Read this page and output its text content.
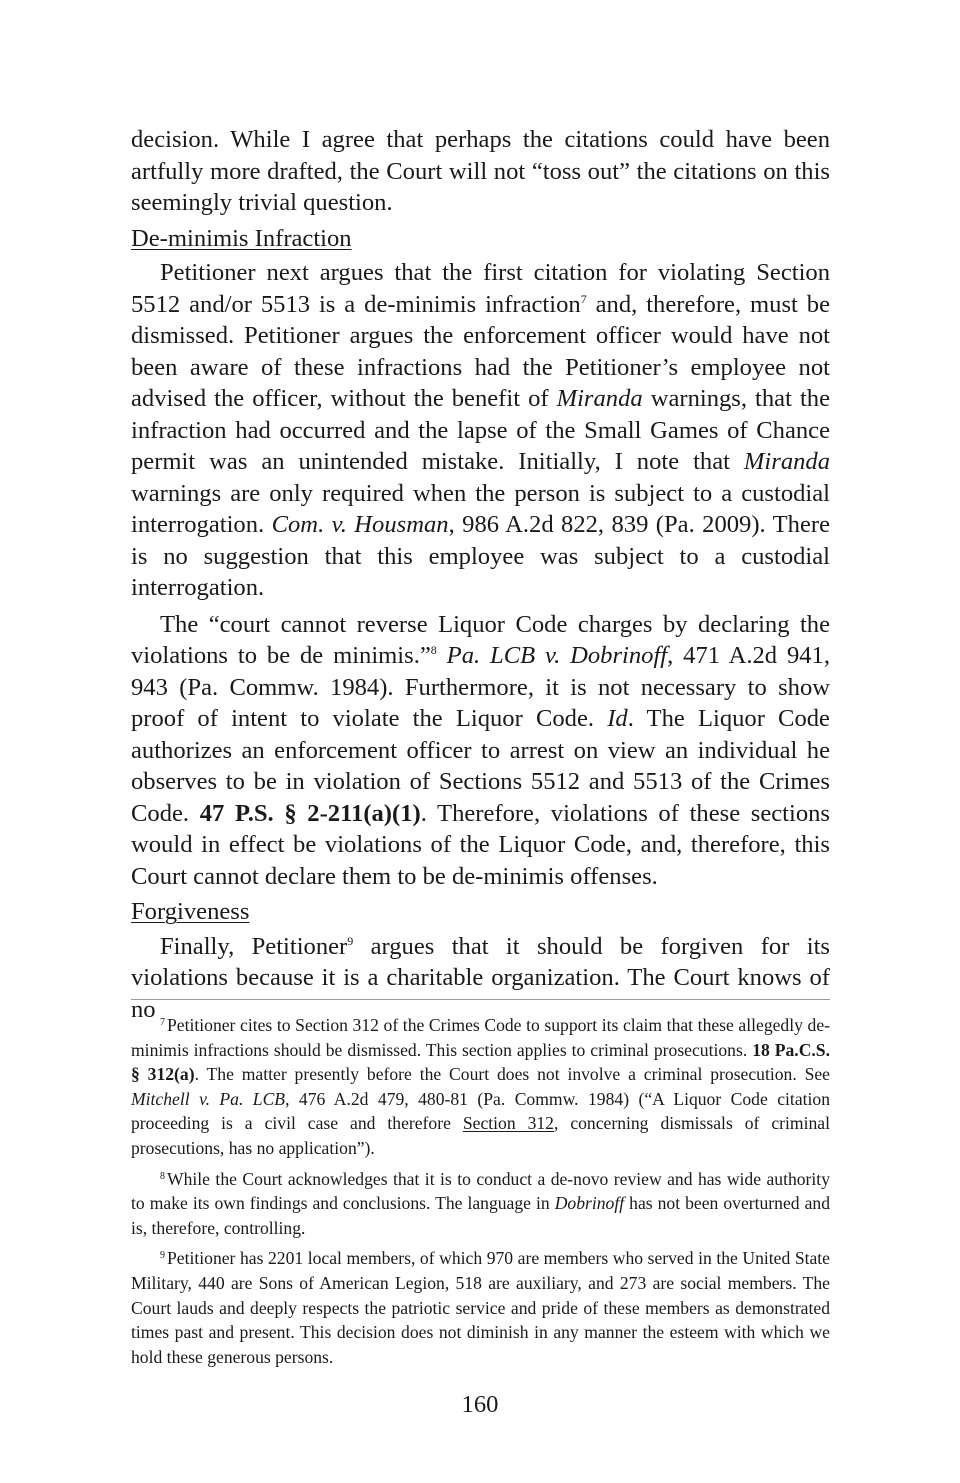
decision. While I agree that perhaps the citations could have been artfully more drafted, the Court will not “toss out” the citations on this seemingly trivial question.

De-minimis Infraction

Petitioner next argues that the first citation for violating Section 5512 and/or 5513 is a de-minimis infraction$^7$ and, therefore, must be dismissed. Petitioner argues the enforcement officer would have not been aware of these infractions had the Petitioner’s employee not advised the officer, without the benefit of Miranda warnings, that the infraction had occurred and the lapse of the Small Games of Chance permit was an unintended mistake. Initially, I note that Miranda warnings are only required when the person is subject to a custodial interrogation. Com. v. Housman, 986 A.2d 822, 839 (Pa. 2009). There is no suggestion that this employee was subject to a custodial interrogation.

The “court cannot reverse Liquor Code charges by declaring the violations to be de minimis.”$^8$ Pa. LCB v. Dobrinoff, 471 A.2d 941, 943 (Pa. Commw. 1984). Furthermore, it is not necessary to show proof of intent to violate the Liquor Code. Id. The Liquor Code authorizes an enforcement officer to arrest on view an individual he observes to be in violation of Sections 5512 and 5513 of the Crimes Code. 47 P.S. § 2-211(a)(1). Therefore, violations of these sections would in effect be violations of the Liquor Code, and, therefore, this Court cannot declare them to be de-minimis offenses.

Forgiveness

Finally, Petitioner$^9$ argues that it should be forgiven for its violations because it is a charitable organization. The Court knows of no $^7$ Petitioner cites to Section 312 of the Crimes Code to support its claim that these allegedly de-minimis infractions should be dismissed. This section applies to criminal prosecutions. 18 Pa.C.S. § 312(a). The matter presently before the Court does not involve a criminal prosecution. See Mitchell v. Pa. LCB, 476 A.2d 479, 480-81 (Pa. Commw. 1984) (“A Liquor Code citation proceeding is a civil case and therefore Section 312, concerning dismissals of criminal prosecutions, has no application”).

$^8$ While the Court acknowledges that it is to conduct a de-novo review and has wide authority to make its own findings and conclusions. The language in Dobrinoff has not been overturned and is, therefore, controlling.

$^9$ Petitioner has 2201 local members, of which 970 are members who served in the United State Military, 440 are Sons of American Legion, 518 are auxiliary, and 273 are social members. The Court lauds and deeply respects the patriotic service and pride of these members as demonstrated times past and present. This decision does not diminish in any manner the esteem with which we hold these generous persons.

160
